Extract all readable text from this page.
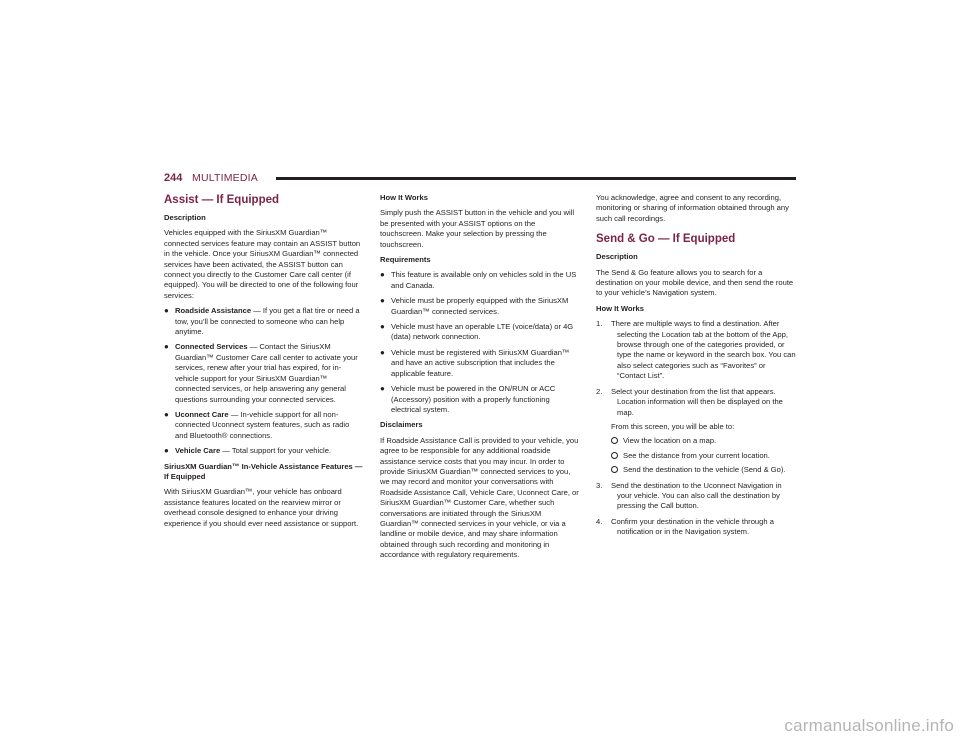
244 MULTIMEDIA
Assist — If Equipped
Description

Vehicles equipped with the SiriusXM Guardian™ connected services feature may contain an ASSIST button in the vehicle. Once your SiriusXM Guardian™ connected services have been activated, the ASSIST button can connect you directly to the Customer Care call center (if equipped). You will be directed to one of the following four services:

● Roadside Assistance — If you get a flat tire or need a tow, you’ll be connected to someone who can help anytime.
● Connected Services — Contact the SiriusXM Guardian™ Customer Care call center to activate your services, renew after your trial has expired, for in-vehicle support for your SiriusXM Guardian™ connected services, or help answering any general questions surrounding your connected services.
● Uconnect Care — In-vehicle support for all non-connected Uconnect system features, such as radio and Bluetooth® connections.
● Vehicle Care — Total support for your vehicle.
SiriusXM Guardian™ In-Vehicle Assistance Features — If Equipped

With SiriusXM Guardian™, your vehicle has onboard assistance features located on the rearview mirror or overhead console designed to enhance your driving experience if you should ever need assistance or support.

How It Works

Simply push the ASSIST button in the vehicle and you will be presented with your ASSIST options on the touchscreen. Make your selection by pressing the touchscreen.

Requirements
● This feature is available only on vehicles sold in the US and Canada.
● Vehicle must be properly equipped with the SiriusXM Guardian™ connected services.
● Vehicle must have an operable LTE (voice/data) or 4G (data) network connection.
● Vehicle must be registered with SiriusXM Guardian™ and have an active subscription that includes the applicable feature.
● Vehicle must be powered in the ON/RUN or ACC (Accessory) position with a properly functioning electrical system.
Disclaimers

If Roadside Assistance Call is provided to your vehicle, you agree to be responsible for any additional roadside assistance service costs that you may incur. In order to provide SiriusXM Guardian™ connected services to you, we may record and monitor your conversations with Roadside Assistance Call, Vehicle Care, Uconnect Care, or SiriusXM Guardian™ Customer Care, whether such conversations are initiated through the SiriusXM Guardian™ connected services in your vehicle, or via a landline or mobile device, and may share information obtained through such recording and monitoring in accordance with regulatory requirements.

You acknowledge, agree and consent to any recording, monitoring or sharing of information obtained through any such call recordings.

Send & Go — If Equipped
Description

The Send & Go feature allows you to search for a destination on your mobile device, and then send the route to your vehicle’s Navigation system.

How It Works
1. There are multiple ways to find a destination. After selecting the Location tab at the bottom of the App, browse through one of the categories provided, or type the name or keyword in the search box. You can also select categories such as “Favorites” or “Contact List”.
2. Select your destination from the list that appears. Location information will then be displayed on the map.

From this screen, you will be able to:

View the location on a map.
See the distance from your current location.
Send the destination to the vehicle (Send & Go).
3. Send the destination to the Uconnect Navigation in your vehicle. You can also call the destination by pressing the Call button.
4. Confirm your destination in the vehicle through a notification or in the Navigation system.
carmanualsonline.info
